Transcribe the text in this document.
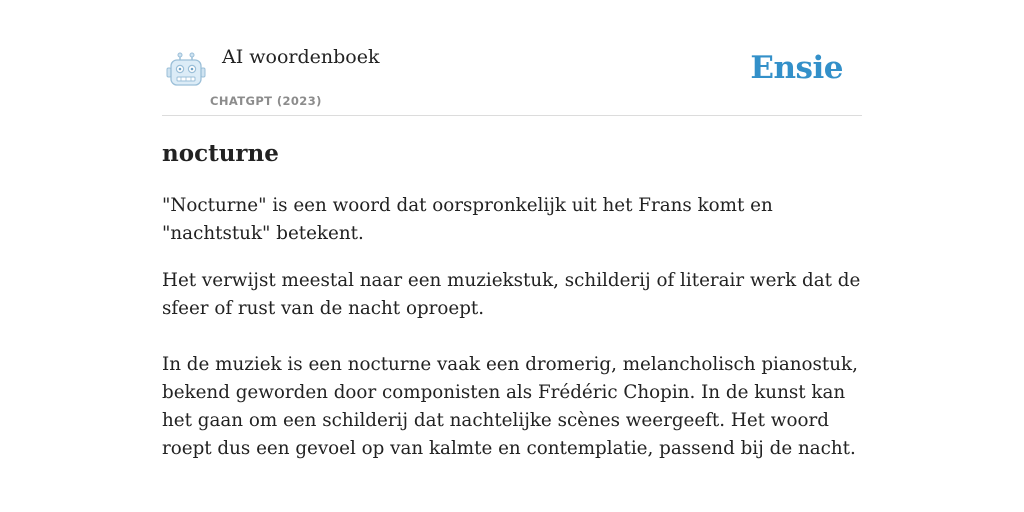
AI woordenboek
CHATGPT (2023)
Ensie
nocturne

"Nocturne" is een woord dat oorspronkelijk uit het Frans komt en "nachtstuk" betekent.

Het verwijst meestal naar een muziekstuk, schilderij of literair werk dat de sfeer of rust van de nacht oproept.

In de muziek is een nocturne vaak een dromerig, melancholisch pianostuk, bekend geworden door componisten als Frédéric Chopin. In de kunst kan het gaan om een schilderij dat nachtelijke scènes weergeeft. Het woord roept dus een gevoel op van kalmte en contemplatie, passend bij de nacht.
